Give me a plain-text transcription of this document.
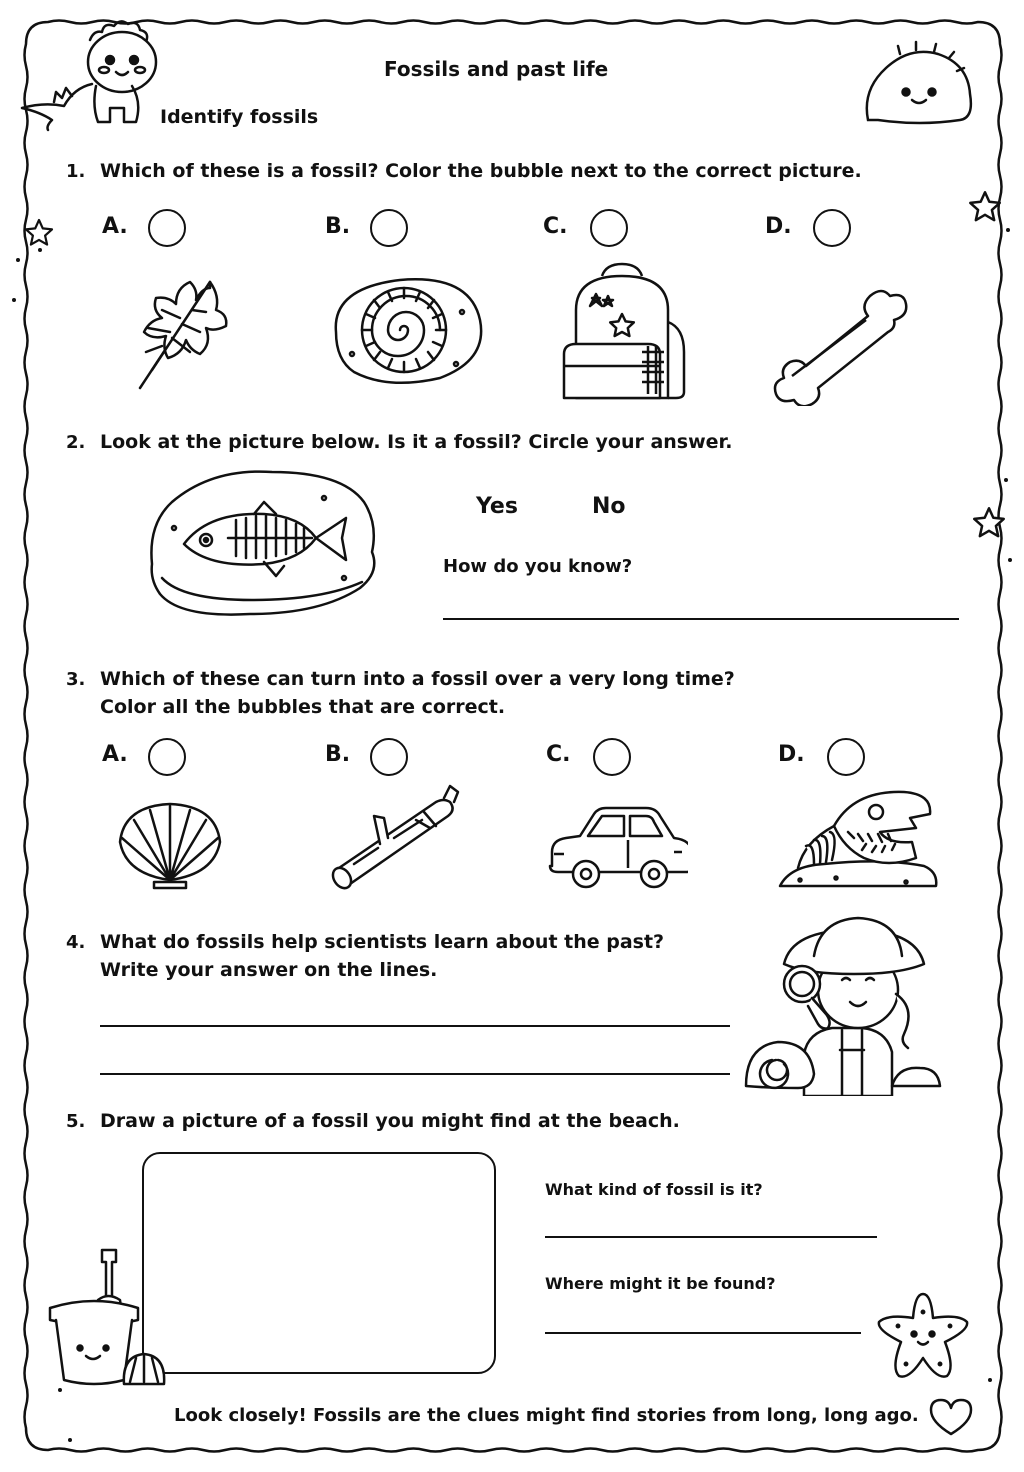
Fossils and past life
Identify fossils
1. Which of these is a fossil? Color the bubble next to the correct picture.
A.	B.	C.	D.
2. Look at the picture below. Is it a fossil? Circle your answer.
Yes	No
How do you know?
3. Which of these can turn into a fossil over a very long time?
Color all the bubbles that are correct.
A.	B.	C.	D.
4. What do fossils help scientists learn about the past?
Write your answer on the lines.
5. Draw a picture of a fossil you might find at the beach.
What kind of fossil is it?
Where might it be found?
Look closely! Fossils are the clues might find stories from long, long ago.
